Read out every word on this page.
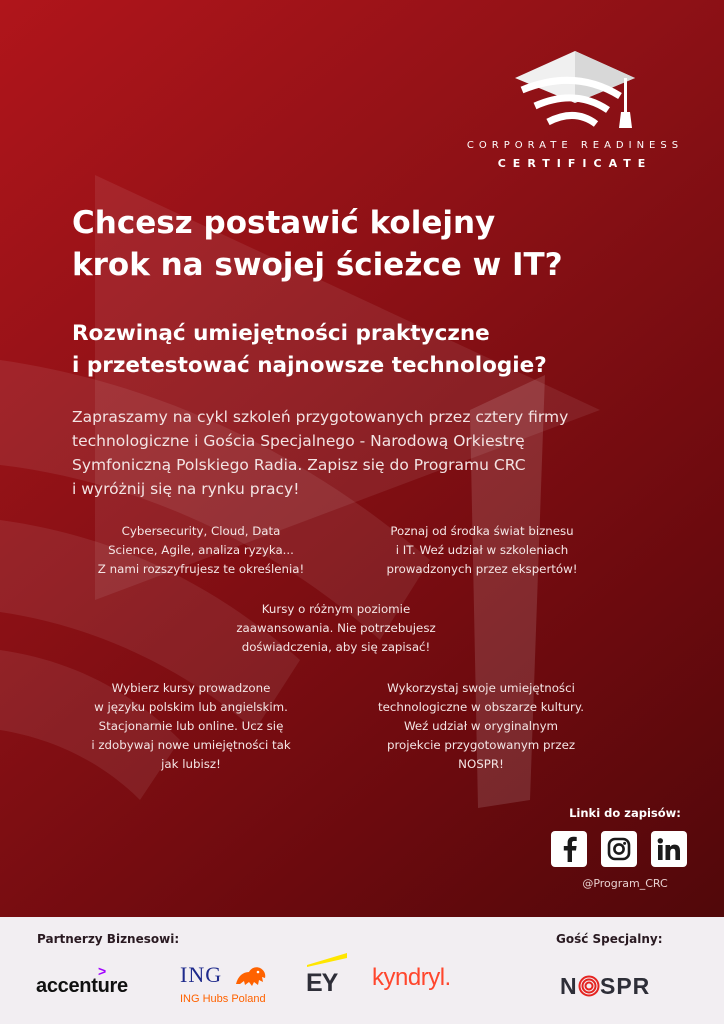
CORPORATE READINESS
CERTIFICATE
Chcesz postawić kolejny
krok na swojej ścieżce w IT?
Rozwinąć umiejętności praktyczne
i przetestować najnowsze technologie?

Zapraszamy na cykl szkoleń przygotowanych przez cztery firmy
technologiczne i Gościa Specjalnego - Narodową Orkiestrę
Symfoniczną Polskiego Radia. Zapisz się do Programu CRC
i wyróżnij się na rynku pracy!

Cybersecurity, Cloud, Data
Science, Agile, analiza ryzyka...
Z nami rozszyfrujesz te określenia!

Poznaj od środka świat biznesu
i IT. Weź udział w szkoleniach
prowadzonych przez ekspertów!

Kursy o różnym poziomie
zaawansowania. Nie potrzebujesz
doświadczenia, aby się zapisać!

Wybierz kursy prowadzone
w języku polskim lub angielskim.
Stacjonarnie lub online. Ucz się
i zdobywaj nowe umiejętności tak
jak lubisz!

Wykorzystaj swoje umiejętności
technologiczne w obszarze kultury.
Weź udział w oryginalnym
projekcie przygotowanym przez
NOSPR!

Linki do zapisów:
@Program_CRC
Partnerzy Biznesowi:	Gość Specjalny:
>
accenture ING
ING Hubs Poland
EY kyndryl.	N SPR
